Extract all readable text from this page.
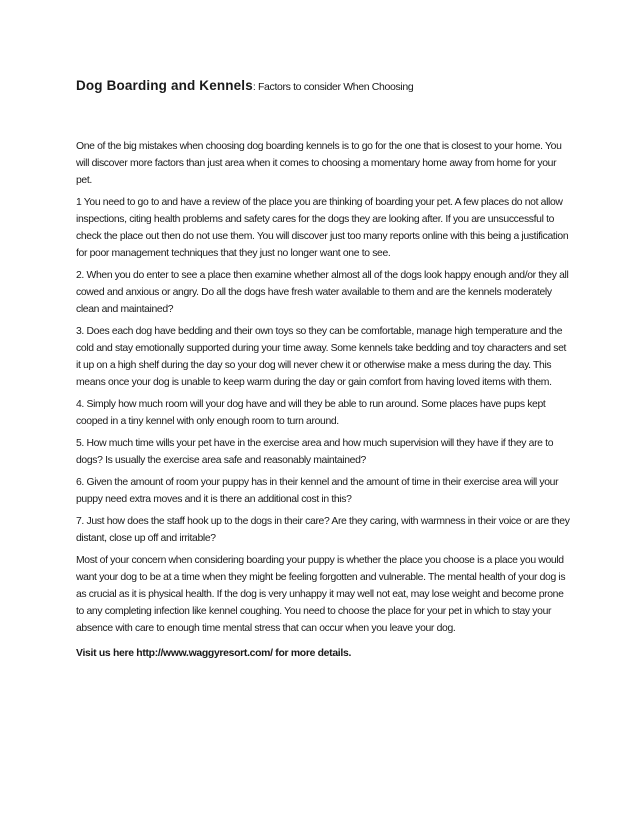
Dog Boarding and Kennels: Factors to consider When Choosing

One of the big mistakes when choosing dog boarding kennels is to go for the one that is closest to your home. You will discover more factors than just area when it comes to choosing a momentary home away from home for your pet.

1 You need to go to and have a review of the place you are thinking of boarding your pet. A few places do not allow inspections, citing health problems and safety cares for the dogs they are looking after. If you are unsuccessful to check the place out then do not use them. You will discover just too many reports online with this being a justification for poor management techniques that they just no longer want one to see.

2. When you do enter to see a place then examine whether almost all of the dogs look happy enough and/or they all cowed and anxious or angry. Do all the dogs have fresh water available to them and are the kennels moderately clean and maintained?

3. Does each dog have bedding and their own toys so they can be comfortable, manage high temperature and the cold and stay emotionally supported during your time away. Some kennels take bedding and toy characters and set it up on a high shelf during the day so your dog will never chew it or otherwise make a mess during the day. This means once your dog is unable to keep warm during the day or gain comfort from having loved items with them.

4. Simply how much room will your dog have and will they be able to run around. Some places have pups kept cooped in a tiny kennel with only enough room to turn around.

5. How much time wills your pet have in the exercise area and how much supervision will they have if they are to dogs? Is usually the exercise area safe and reasonably maintained?

6. Given the amount of room your puppy has in their kennel and the amount of time in their exercise area will your puppy need extra moves and it is there an additional cost in this?

7. Just how does the staff hook up to the dogs in their care? Are they caring, with warmness in their voice or are they distant, close up off and irritable?

Most of your concern when considering boarding your puppy is whether the place you choose is a place you would want your dog to be at a time when they might be feeling forgotten and vulnerable. The mental health of your dog is as crucial as it is physical health. If the dog is very unhappy it may well not eat, may lose weight and become prone to any completing infection like kennel coughing. You need to choose the place for your pet in which to stay your absence with care to enough time mental stress that can occur when you leave your dog.

Visit us here http://www.waggyresort.com/ for more details.
